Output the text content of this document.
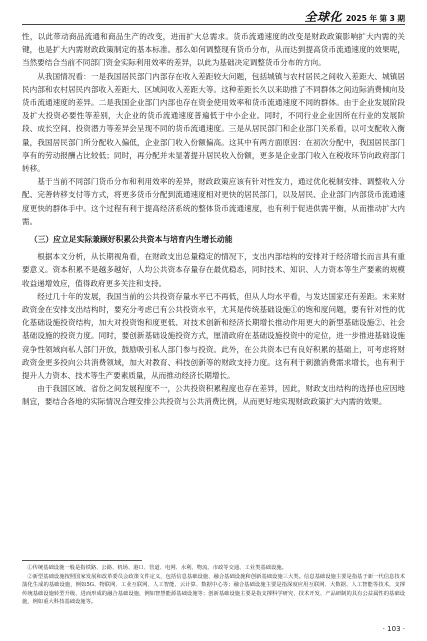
全球化 2025 年 第 3 期

性，以此带动商品流通和商品生产的改变，进而扩大总需求。货币流通速度的改变是财政政策影响扩大内需的关键，也是扩大内需财政政策制定的基本标准。那么如何调整现有货币分布，从而达到提高货币流通速度的效果呢，当然要结合当前不同部门资金实际利用效率的差异，以此为基础决定调整货币分布的方向。

从我国情况看：一是我国居民部门内部存在收入差距较大问题，包括城镇与农村居民之间收入差距大、城镇居民内部和农村居民内部收入差距大、区域间收入差距大等。这种差距长久以来助推了不同群体之间边际消费倾向及货币流通速度的差异。二是我国企业部门内部也存在资金使用效率和货币流通速度不同的群体。由于企业发展阶段及扩大投资必要性等差别，大企业的货币流通速度普遍低于中小企业。同时，不同行业企业因所在行业的发展阶段、成长空间、投资潜力等差异会呈现不同的货币流通速度。三是从居民部门和企业部门关系看，以可支配收入衡量，我国居民部门所分配收入偏低，企业部门收入份额偏高。这其中有两方面原因：在初次分配中，我国居民部门享有的劳动报酬占比较低；同时，再分配并未显著提升居民收入份额，更多是企业部门收入在税收环节向政府部门转移。

基于当前不同部门货币分布和利用效率的差异，财政政策应该有针对性发力，通过优化税制安排、调整收入分配、完善转移支付等方式，将更多货币分配到流通速度相对更快的居民部门，以及居民、企业部门内部货币流通速度更快的群体手中。这个过程有利于提高经济系统的整体货币流通速度，也有利于促进供需平衡，从而推动扩大内需。

（三）应立足实际兼顾好积累公共资本与培育内生增长动能

根据本文分析，从长期视角看，在财政支出总量稳定的情况下，支出内部结构的安排对于经济增长而言具有重要意义。资本积累不是越多越好，人均公共资本存量存在最优稳态，同时技术、知识、人力资本等生产要素的规模收益递增效应，值得政府更多关注和支持。

经过几十年的发展，我国当前的公共投资存量水平已不再低，但从人均水平看，与发达国家还有差距。未来财政资金在安排支出结构时，要充分考虑已有公共投资水平，尤其是传统基础设施①的饱和度问题，要有针对性的优化基础设施投资结构，加大对投资饱和度更低、对技术创新和经济长期增长推动作用更大的新型基础设施②、社会基础设施的投资力度。同时，要创新基础设施投资方式，厘清政府在基础设施投资中的定位，进一步推进基础设施竞争性领域向私人部门开放，鼓励吸引私人部门参与投资。此外，在公共资本已有良好积累的基础上，可考虑将财政资金更多投向公共消费领域，加大对教育、科技创新等的财政支持力度。这有利于刺激消费需求增长，也有利于提升人力资本、技术等生产要素质量，从而推动经济长期增长。

由于我国区域、省份之间发展程度不一，公共投资积累程度也存在差异，因此，财政支出结构的选择也应因地制宜，要结合各地的实际情况合理安排公共投资与公共消费比例，从而更好地实现财政政策扩大内需的效果。

①传统基础设施一般是指铁路、公路、机场、港口、管道、电网、水利、物流、市政等交通、工业类基础设施。

②新型基础设施按照国家发展和改革委员会政策文件定义，包括信息基础设施、融合基础设施和创新基础设施三大类。信息基础设施主要是指基于新一代信息技术演化生成的基础设施，例如5G、物联网、工业互联网、人工智能、云计算、数据中心等；融合基础设施主要是指深度应用互联网、大数据、人工智能等技术，支撑传统基础设施转型升级，进而形成的融合基础设施，例如智慧能源基础设施等；创新基础设施主要是指支撑科学研究、技术开发、产品研制的具有公益属性的基础设施，例如重大科技基础设施等。

· 103 ·
